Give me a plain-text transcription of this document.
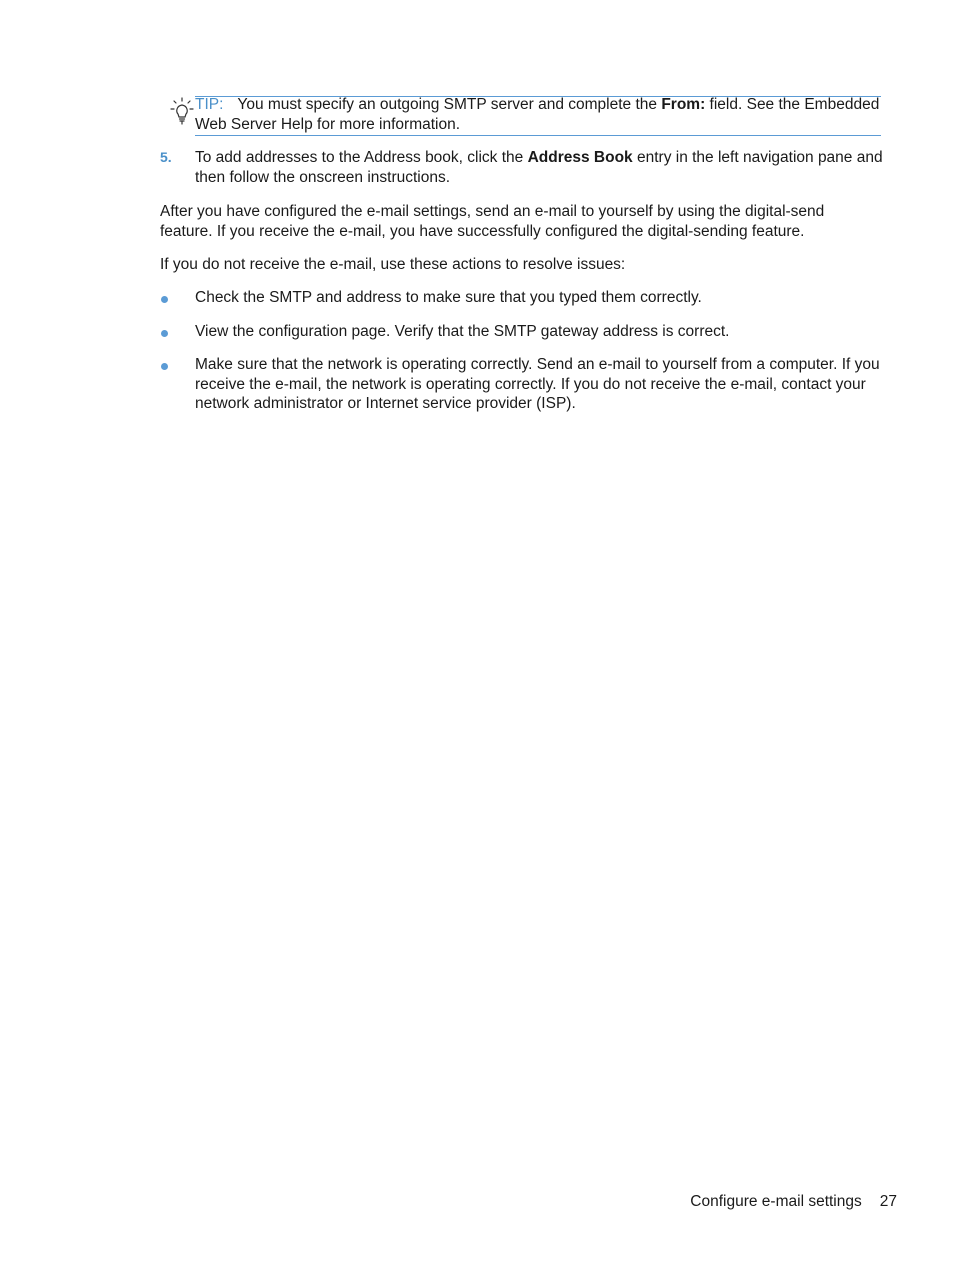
TIP: You must specify an outgoing SMTP server and complete the From: field. See the Embedded Web Server Help for more information.
5. To add addresses to the Address book, click the Address Book entry in the left navigation pane and then follow the onscreen instructions.
After you have configured the e-mail settings, send an e-mail to yourself by using the digital-send feature. If you receive the e-mail, you have successfully configured the digital-sending feature.
If you do not receive the e-mail, use these actions to resolve issues:
Check the SMTP and address to make sure that you typed them correctly.
View the configuration page. Verify that the SMTP gateway address is correct.
Make sure that the network is operating correctly. Send an e-mail to yourself from a computer. If you receive the e-mail, the network is operating correctly. If you do not receive the e-mail, contact your network administrator or Internet service provider (ISP).
Configure e-mail settings 27
